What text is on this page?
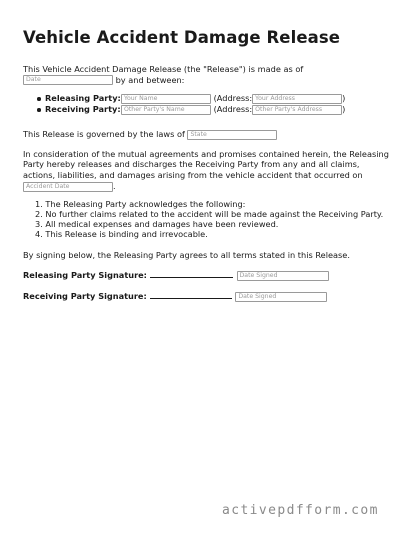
Vehicle Accident Damage Release

This Vehicle Accident Damage Release (the "Release") is made as of

Date	by and between:

Releasing Party: Your Name	(Address: Your Address	)
Receiving Party: Other Party's Name	(Address: Other Party's Address )

This Release is governed by the laws of State

In consideration of the mutual agreements and promises contained herein, the Releasing Party hereby releases and discharges the Receiving Party from any and all claims, actions, liabilities, and damages arising from the vehicle accident that occurred on

Accident Date	.

1. The Releasing Party acknowledges the following:
2. No further claims related to the accident will be made against the Receiving Party.
3. All medical expenses and damages have been reviewed.
4. This Release is binding and irrevocable.

By signing below, the Releasing Party agrees to all terms stated in this Release.

Releasing Party Signature:	Date Signed
Receiving Party Signature:	Date Signed
activepdfform.com
